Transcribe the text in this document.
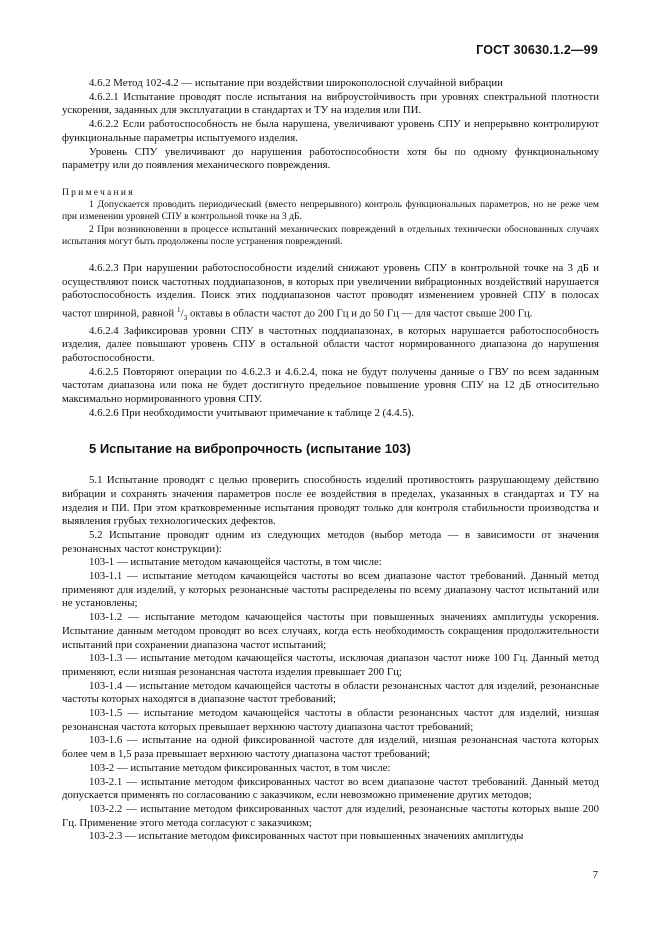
ГОСТ 30630.1.2—99

4.6.2 Метод 102-4.2 — испытание при воздействии широкополосной случайной вибрации

4.6.2.1 Испытание проводят после испытания на виброустойчивость при уровнях спектральной плотности ускорения, заданных для эксплуатации в стандартах и ТУ на изделия или ПИ.

4.6.2.2 Если работоспособность не была нарушена, увеличивают уровень СПУ и непрерывно контролируют функциональные параметры испытуемого изделия.

Уровень СПУ увеличивают до нарушения работоспособности хотя бы по одному функциональному параметру или до появления механического повреждения.

Примечания

1 Допускается проводить периодический (вместо непрерывного) контроль функциональных параметров, но не реже чем при изменении уровней СПУ в контрольной точке на 3 дБ.

2 При возникновении в процессе испытаний механических повреждений в отдельных технически обоснованных случаях испытания могут быть продолжены после устранения повреждений.

4.6.2.3 При нарушении работоспособности изделий снижают уровень СПУ в контрольной точке на 3 дБ и осуществляют поиск частотных поддиапазонов, в которых при увеличении вибрационных воздействий нарушается работоспособность изделия. Поиск этих поддиапазонов частот проводят изменением уровней СПУ в полосах частот шириной, равной $^1/_3$ октавы в области частот до 200 Гц и до 50 Гц — для частот свыше 200 Гц.

4.6.2.4 Зафиксировав уровни СПУ в частотных поддиапазонах, в которых нарушается работоспособность изделия, далее повышают уровень СПУ в остальной области частот нормированного диапазона до нарушения работоспособности.

4.6.2.5 Повторяют операции по 4.6.2.3 и 4.6.2.4, пока не будут получены данные о ГВУ по всем заданным частотам диапазона или пока не будет достигнуто предельное повышение уровня СПУ на 12 дБ относительно максимально нормированного уровня СПУ.

4.6.2.6 При необходимости учитывают примечание к таблице 2 (4.4.5).

5 Испытание на вибропрочность (испытание 103)

5.1 Испытание проводят с целью проверить способность изделий противостоять разрушающему действию вибрации и сохранять значения параметров после ее воздействия в пределах, указанных в стандартах и ТУ на изделия и ПИ. При этом кратковременные испытания проводят только для контроля стабильности производства и выявления грубых технологических дефектов.

5.2 Испытание проводят одним из следующих методов (выбор метода — в зависимости от значения резонансных частот конструкции):

103-1 — испытание методом качающейся частоты, в том числе:

103-1.1 — испытание методом качающейся частоты во всем диапазоне частот требований. Данный метод применяют для изделий, у которых резонансные частоты распределены по всему диапазону частот испытаний или не установлены;

103-1.2 — испытание методом качающейся частоты при повышенных значениях амплитуды ускорения. Испытание данным методом проводят во всех случаях, когда есть необходимость сокращения продолжительности испытаний при сохранении диапазона частот испытаний;

103-1.3 — испытание методом качающейся частоты, исключая диапазон частот ниже 100 Гц. Данный метод применяют, если низшая резонансная частота изделия превышает 200 Гц;

103-1.4 — испытание методом качающейся частоты в области резонансных частот для изделий, резонансные частоты которых находятся в диапазоне частот требований;

103-1.5 — испытание методом качающейся частоты в области резонансных частот для изделий, низшая резонансная частота которых превышает верхнюю частоту диапазона частот требований;

103-1.6 — испытание на одной фиксированной частоте для изделий, низшая резонансная частота которых более чем в 1,5 раза превышает верхнюю частоту диапазона частот требований;

103-2 — испытание методом фиксированных частот, в том числе:

103-2.1 — испытание методом фиксированных частот во всем диапазоне частот требований. Данный метод допускается применять по согласованию с заказчиком, если невозможно применение других методов;

103-2.2 — испытание методом фиксированных частот для изделий, резонансные частоты которых выше 200 Гц. Применение этого метода согласуют с заказчиком;

103-2.3 — испытание методом фиксированных частот при повышенных значениях амплитуды

7
